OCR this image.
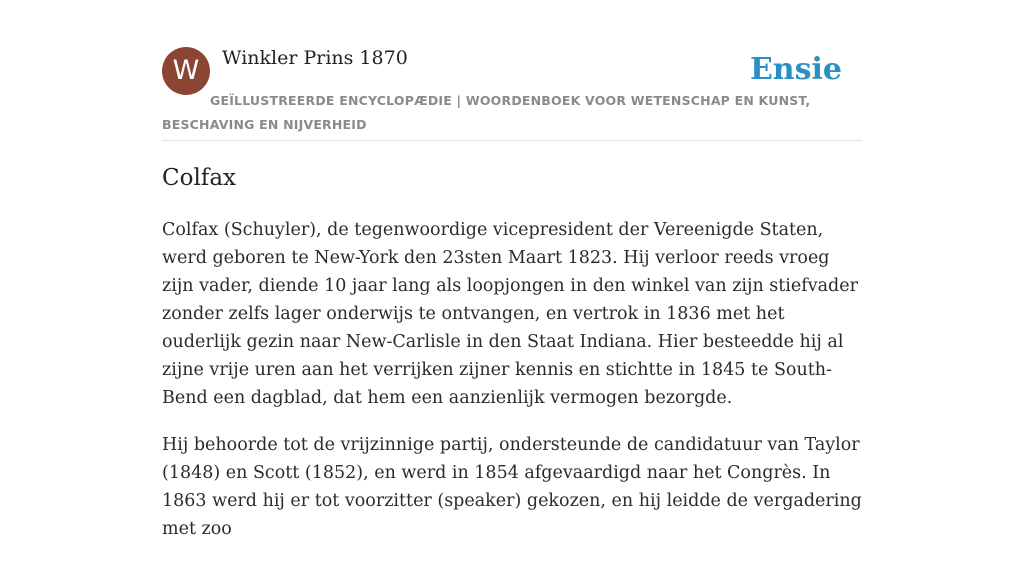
W	Winkler Prins 1870	Ensie
GEÏLLUSTREERDE ENCYCLOPÆDIE | WOORDENBOEK VOOR WETENSCHAP EN KUNST, BESCHAVING EN NIJVERHEID
Colfax

Colfax (Schuyler), de tegenwoordige vicepresident der Vereenigde Staten, werd geboren te New-York den 23sten Maart 1823. Hij verloor reeds vroeg zijn vader, diende 10 jaar lang als loopjongen in den winkel van zijn stiefvader zonder zelfs lager onderwijs te ontvangen, en vertrok in 1836 met het ouderlijk gezin naar New-Carlisle in den Staat Indiana. Hier besteedde hij al zijne vrije uren aan het verrijken zijner kennis en stichtte in 1845 te South-Bend een dagblad, dat hem een aanzienlijk vermogen bezorgde.

Hij behoorde tot de vrijzinnige partij, ondersteunde de candidatuur van Taylor (1848) en Scott (1852), en werd in 1854 afgevaardigd naar het Congrès. In 1863 werd hij er tot voorzitter (speaker) gekozen, en hij leidde de vergadering met zoo
